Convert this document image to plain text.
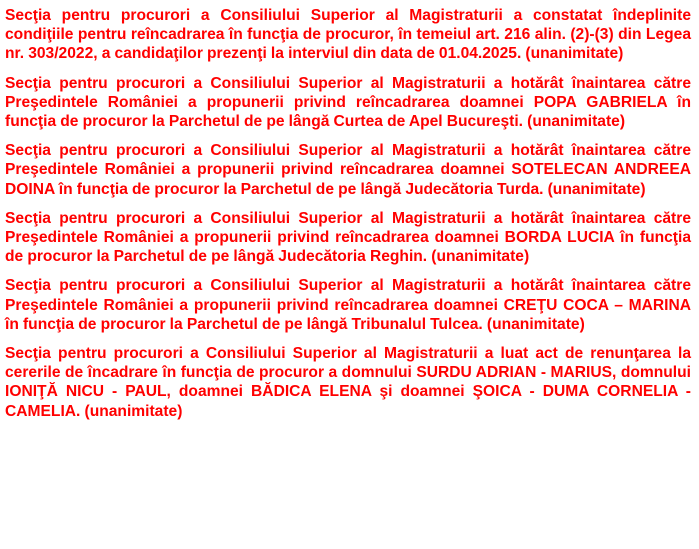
Secţia pentru procurori a Consiliului Superior al Magistraturii a constatat îndeplinite condiţiile pentru reîncadrarea în funcţia de procuror, în temeiul art. 216 alin. (2)-(3) din Legea nr. 303/2022, a candidaţilor prezenţi la interviul din data de 01.04.2025. (unanimitate)

Secţia pentru procurori a Consiliului Superior al Magistraturii a hotărât înaintarea către Preşedintele României a propunerii privind reîncadrarea doamnei POPA GABRIELA în funcţia de procuror la Parchetul de pe lângă Curtea de Apel Bucureşti. (unanimitate)

Secţia pentru procurori a Consiliului Superior al Magistraturii a hotărât înaintarea către Preşedintele României a propunerii privind reîncadrarea doamnei SOTELECAN ANDREEA DOINA în funcţia de procuror la Parchetul de pe lângă Judecătoria Turda. (unanimitate)

Secţia pentru procurori a Consiliului Superior al Magistraturii a hotărât înaintarea către Preşedintele României a propunerii privind reîncadrarea doamnei BORDA LUCIA în funcţia de procuror la Parchetul de pe lângă Judecătoria Reghin. (unanimitate)

Secţia pentru procurori a Consiliului Superior al Magistraturii a hotărât înaintarea către Preşedintele României a propunerii privind reîncadrarea doamnei CREŢU COCA – MARINA în funcţia de procuror la Parchetul de pe lângă Tribunalul Tulcea. (unanimitate)

Secţia pentru procurori a Consiliului Superior al Magistraturii a luat act de renunţarea la cererile de încadrare în funcţia de procuror a domnului SURDU ADRIAN - MARIUS, domnului IONIŢĂ NICU - PAUL, doamnei BĂDICA ELENA şi doamnei ŞOICA - DUMA CORNELIA - CAMELIA. (unanimitate)
